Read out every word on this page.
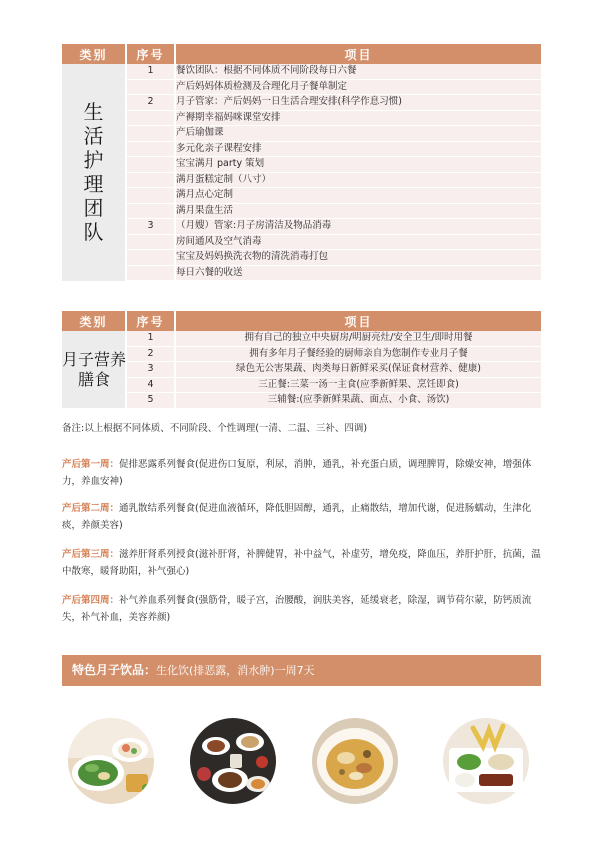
类别	序号	项目

生活护理团队	1	餐饮团队：根据不同体质不同阶段每日六餐
		产后妈妈体质检测及合理化月子餐单制定
	2	月子管家：产后妈妈一日生活合理安排(科学作息习惯)
		产褥期幸福妈咪课堂安排
		产后瑜伽课
		多元化亲子课程安排
		宝宝满月 party 策划
		满月蛋糕定制（八寸）
		满月点心定制
		满月果盘生活
	3	（月嫂）管家:月子房清洁及物品消毒
		房间通风及空气消毒
		宝宝及妈妈换洗衣物的清洗消毒打包
		每日六餐的收送
类别	序号	项目

月子营养膳食	1	拥有自己的独立中央厨房/明厨亮灶/安全卫生/即时用餐
	2	拥有多年月子餐经验的厨师亲自为您制作专业月子餐
	3	绿色无公害果蔬、肉类每日新鲜采买(保证食材营养、健康)
	4	三正餐:三菜一汤一主食(应季新鲜果、烹饪即食)
	5	三辅餐:(应季新鲜果蔬、面点、小食、汤饮)
备注:以上根据不同体质、不同阶段、个性调理(一清、二温、三补、四调)
产后第一周：促排恶露系列餐食(促进伤口复原，利尿，消肿，通乳，补充蛋白质，调理脾胃，除燥安神，增强体力，养血安神)
产后第二周：通乳散结系列餐食(促进血液循环，降低胆固醇，通乳，止痛散结，增加代谢，促进肠蠕动，生津化痰，养颜美容)
产后第三周：滋养肝肾系列授食(滋补肝肾，补脾健胃，补中益气，补虚劳，增免疫，降血压，养肝护肝，抗菌，温中散寒，暖肾助阳，补气强心)
产后第四周：补气养血系列餐食(强筋骨，暖子宫，治腰酸，润肤美容，延缓衰老，除湿，调节荷尔蒙，防钙质流失，补气补血，美容养颜)
特色月子饮品：生化饮(排恶露，消水肿)一周7天
